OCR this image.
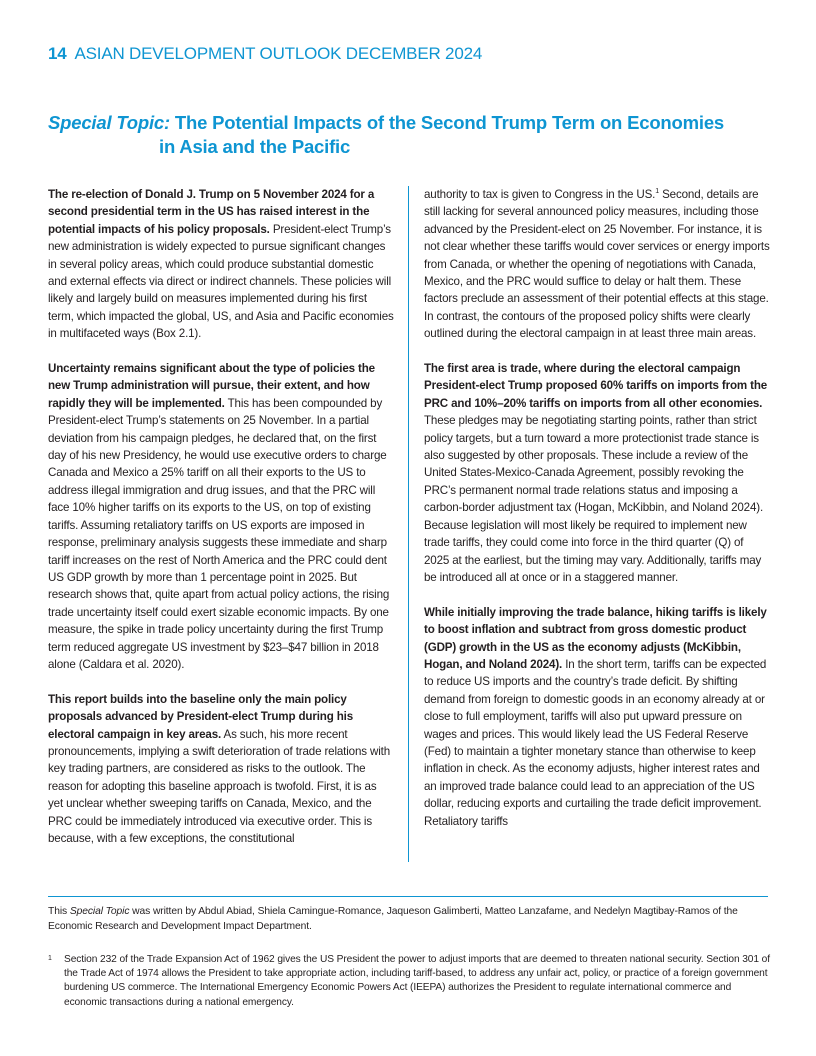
14 ASIAN DEVELOPMENT OUTLOOK DECEMBER 2024
Special Topic: The Potential Impacts of the Second Trump Term on Economies
in Asia and the Pacific

The re-election of Donald J. Trump on 5 November 2024 for a second presidential term in the US has raised interest in the potential impacts of his policy proposals. President-elect Trump’s new administration is widely expected to pursue significant changes in several policy areas, which could produce substantial domestic and external effects via direct or indirect channels. These policies will likely and largely build on measures implemented during his first term, which impacted the global, US, and Asia and Pacific economies in multifaceted ways (Box 2.1).

Uncertainty remains significant about the type of policies the new Trump administration will pursue, their extent, and how rapidly they will be implemented. This has been compounded by President-elect Trump’s statements on 25 November. In a partial deviation from his campaign pledges, he declared that, on the first day of his new Presidency, he would use executive orders to charge Canada and Mexico a 25% tariff on all their exports to the US to address illegal immigration and drug issues, and that the PRC will face 10% higher tariffs on its exports to the US, on top of existing tariffs. Assuming retaliatory tariffs on US exports are imposed in response, preliminary analysis suggests these immediate and sharp tariff increases on the rest of North America and the PRC could dent US GDP growth by more than 1 percentage point in 2025. But research shows that, quite apart from actual policy actions, the rising trade uncertainty itself could exert sizable economic impacts. By one measure, the spike in trade policy uncertainty during the first Trump term reduced aggregate US investment by $23–$47 billion in 2018 alone (Caldara et al. 2020).

This report builds into the baseline only the main policy proposals advanced by President-elect Trump during his electoral campaign in key areas. As such, his more recent pronouncements, implying a swift deterioration of trade relations with key trading partners, are considered as risks to the outlook. The reason for adopting this baseline approach is twofold. First, it is as yet unclear whether sweeping tariffs on Canada, Mexico, and the PRC could be immediately introduced via executive order. This is because, with a few exceptions, the constitutional

authority to tax is given to Congress in the US.$^1$ Second, details are still lacking for several announced policy measures, including those advanced by the President-elect on 25 November. For instance, it is not clear whether these tariffs would cover services or energy imports from Canada, or whether the opening of negotiations with Canada, Mexico, and the PRC would suffice to delay or halt them. These factors preclude an assessment of their potential effects at this stage. In contrast, the contours of the proposed policy shifts were clearly outlined during the electoral campaign in at least three main areas.

The first area is trade, where during the electoral campaign President-elect Trump proposed 60% tariffs on imports from the PRC and 10%–20% tariffs on imports from all other economies. These pledges may be negotiating starting points, rather than strict policy targets, but a turn toward a more protectionist trade stance is also suggested by other proposals. These include a review of the United States-Mexico-Canada Agreement, possibly revoking the PRC’s permanent normal trade relations status and imposing a carbon-border adjustment tax (Hogan, McKibbin, and Noland 2024). Because legislation will most likely be required to implement new trade tariffs, they could come into force in the third quarter (Q) of 2025 at the earliest, but the timing may vary. Additionally, tariffs may be introduced all at once or in a staggered manner.

While initially improving the trade balance, hiking tariffs is likely to boost inflation and subtract from gross domestic product (GDP) growth in the US as the economy adjusts (McKibbin, Hogan, and Noland 2024). In the short term, tariffs can be expected to reduce US imports and the country’s trade deficit. By shifting demand from foreign to domestic goods in an economy already at or close to full employment, tariffs will also put upward pressure on wages and prices. This would likely lead the US Federal Reserve (Fed) to maintain a tighter monetary stance than otherwise to keep inflation in check. As the economy adjusts, higher interest rates and an improved trade balance could lead to an appreciation of the US dollar, reducing exports and curtailing the trade deficit improvement. Retaliatory tariffs

This Special Topic was written by Abdul Abiad, Shiela Camingue-Romance, Jaqueson Galimberti, Matteo Lanzafame, and Nedelyn Magtibay-Ramos of the Economic Research and Development Impact Department.
1	Section 232 of the Trade Expansion Act of 1962 gives the US President the power to adjust imports that are deemed to threaten national security. Section 301 of the Trade Act of 1974 allows the President to take appropriate action, including tariff-based, to address any unfair act, policy, or practice of a foreign government burdening US commerce. The International Emergency Economic Powers Act (IEEPA) authorizes the President to regulate international commerce and economic transactions during a national emergency.
